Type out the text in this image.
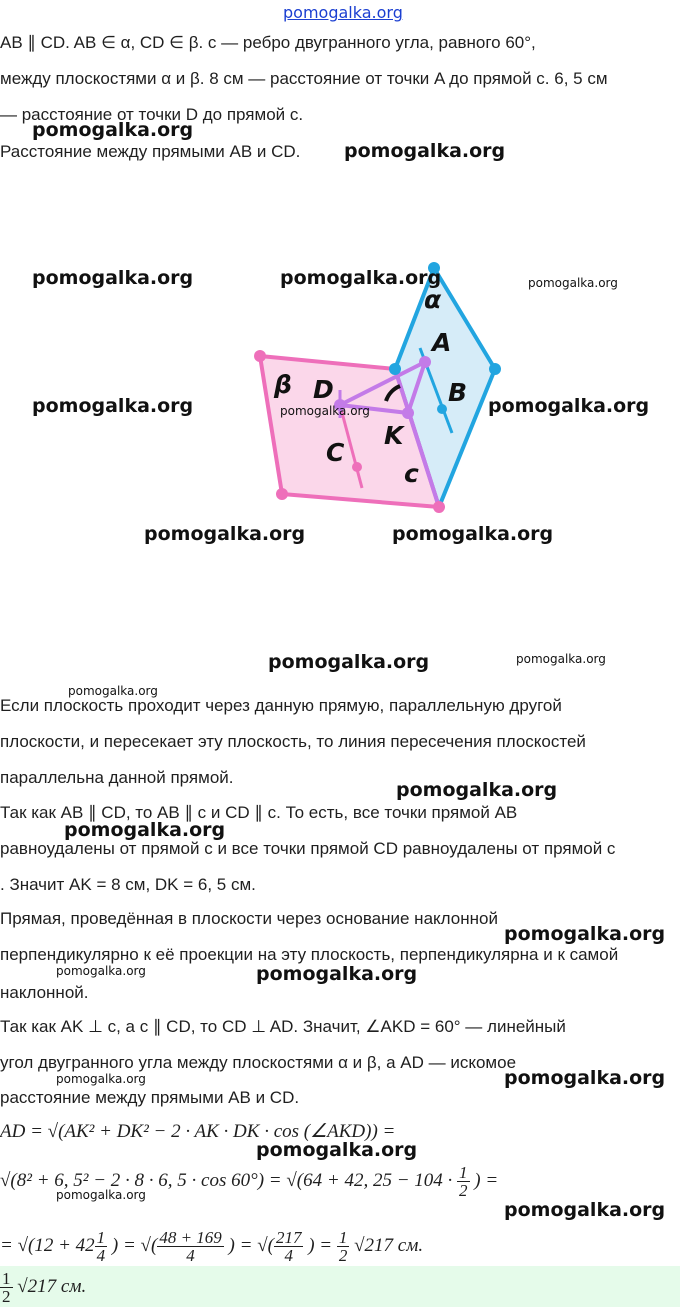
pomogalka.org
AB ∥ CD. AB ∈ α, CD ∈ β. c — ребро двугранного угла, равного 60°,
между плоскостями α и β. 8 см — расстояние от точки A до прямой c. 6, 5 см
— расстояние от точки D до прямой c.
Расстояние между прямыми AB и CD.
α
A
B
β D
C
K
c
pomogalka.org
pomogalka.org
pomogalka.org	pomogalka.org	pomogalka.org
pomogalka.org	pomogalka.org	pomogalka.org
pomogalka.org	pomogalka.org
pomogalka.org	pomogalka.org
pomogalka.org
pomogalka.org
pomogalka.org
pomogalka.org
pomogalka.org	pomogalka.org
pomogalka.org	pomogalka.org
pomogalka.org
pomogalka.org
pomogalka.org
Если плоскость проходит через данную прямую, параллельную другой
плоскости, и пересекает эту плоскость, то линия пересечения плоскостей
параллельна данной прямой.
Так как AB ∥ CD, то AB ∥ c и CD ∥ c. То есть, все точки прямой AB
равноудалены от прямой c и все точки прямой CD равноудалены от прямой c
. Значит AK = 8 см, DK = 6, 5 см.
Прямая, проведённая в плоскости через основание наклонной
перпендикулярно к её проекции на эту плоскость, перпендикулярна и к самой
наклонной.
Так как AK ⊥ c, а c ∥ CD, то CD ⊥ AD. Значит, ∠AKD = 60° — линейный
угол двугранного угла между плоскостями α и β, а AD — искомое
расстояние между прямыми AB и CD.
AD = √(AK² + DK² − 2 · AK · DK · cos (∠AKD)) =
√(8² + 6, 5² − 2 · 8 · 6, 5 · cos 60°) = √(64 + 42, $25 - 104 \cdot \frac{1}{2}$ ) =
= $√(12 + 42 \frac{1}{4}$ ) = √( $\frac{48 + 169}{4}$ ) = √( $\frac{217}{4}$ ) = $\frac{1}{2} √217$ см.
$\frac{1}{2} √217$ см.
